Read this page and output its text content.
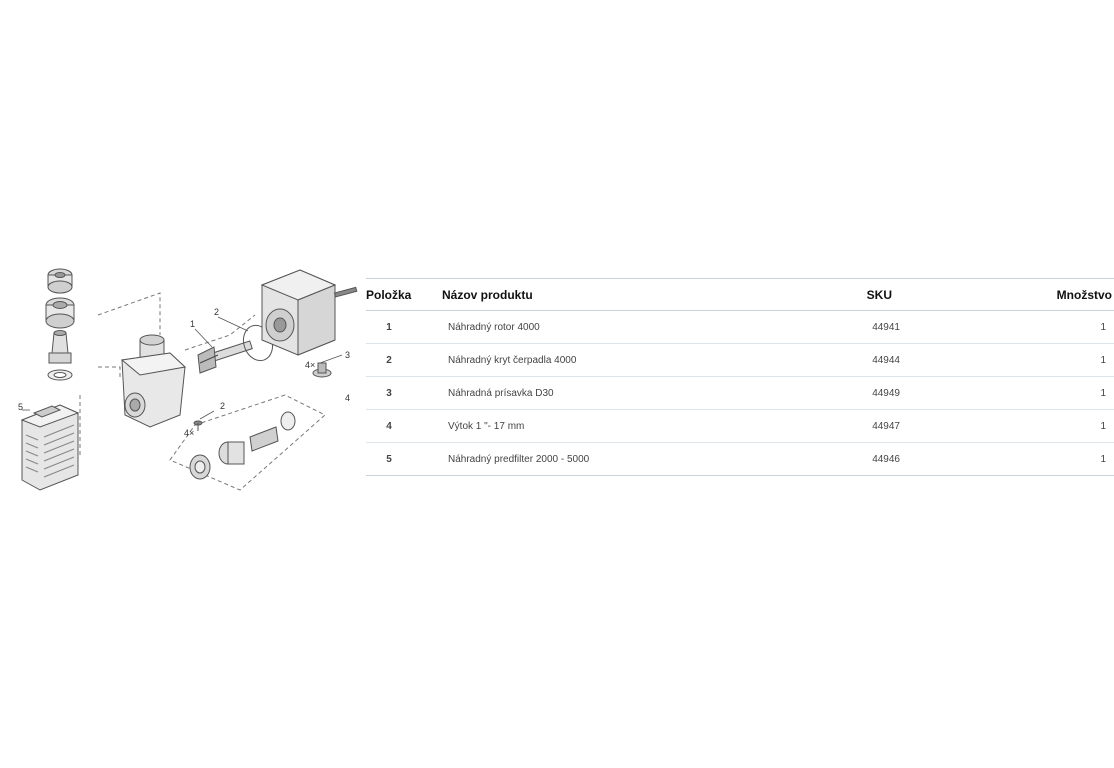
1
2
2
3
4×
4×
4
5
Položka	Názov produktu	SKU	Množstvo
1	Náhradný rotor 4000	44941	1
2	Náhradný kryt čerpadla 4000	44944	1
3	Náhradná prísavka D30	44949	1
4	Výtok 1 "- 17 mm	44947	1
5	Náhradný predfilter 2000 - 5000	44946	1
